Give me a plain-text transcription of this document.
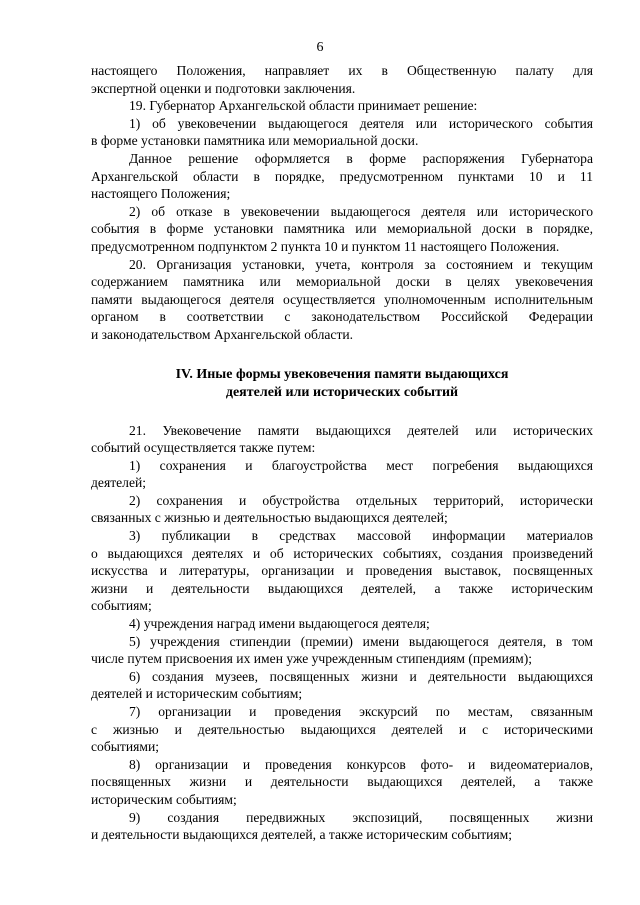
6

настоящего Положения, направляет их в Общественную палату для

экспертной оценки и подготовки заключения.

19. Губернатор Архангельской области принимает решение:

1) об увековечении выдающегося деятеля или исторического события

в форме установки памятника или мемориальной доски.

Данное решение оформляется в форме распоряжения Губернатора

Архангельской области в порядке, предусмотренном пунктами 10 и 11

настоящего Положения;

2) об отказе в увековечении выдающегося деятеля или исторического

события в форме установки памятника или мемориальной доски в порядке,

предусмотренном подпунктом 2 пункта 10 и пунктом 11 настоящего Положения.

20. Организация установки, учета, контроля за состоянием и текущим

содержанием памятника или мемориальной доски в целях увековечения

памяти выдающегося деятеля осуществляется уполномоченным исполнительным

органом в соответствии с законодательством Российской Федерации

и законодательством Архангельской области.

IV. Иные формы увековечения памяти выдающихся
деятелей или исторических событий

21. Увековечение памяти выдающихся деятелей или исторических

событий осуществляется также путем:

1) сохранения и благоустройства мест погребения выдающихся

деятелей;

2) сохранения и обустройства отдельных территорий, исторически

связанных с жизнью и деятельностью выдающихся деятелей;

3) публикации в средствах массовой информации материалов

о выдающихся деятелях и об исторических событиях, создания произведений

искусства и литературы, организации и проведения выставок, посвященных

жизни и деятельности выдающихся деятелей, а также историческим

событиям;

4) учреждения наград имени выдающегося деятеля;

5) учреждения стипендии (премии) имени выдающегося деятеля, в том

числе путем присвоения их имен уже учрежденным стипендиям (премиям);

6) создания музеев, посвященных жизни и деятельности выдающихся

деятелей и историческим событиям;

7) организации и проведения экскурсий по местам, связанным

с жизнью и деятельностью выдающихся деятелей и с историческими

событиями;

8) организации и проведения конкурсов фото- и видеоматериалов,

посвященных жизни и деятельности выдающихся деятелей, а также

историческим событиям;

9) создания передвижных экспозиций, посвященных жизни

и деятельности выдающихся деятелей, а также историческим событиям;
